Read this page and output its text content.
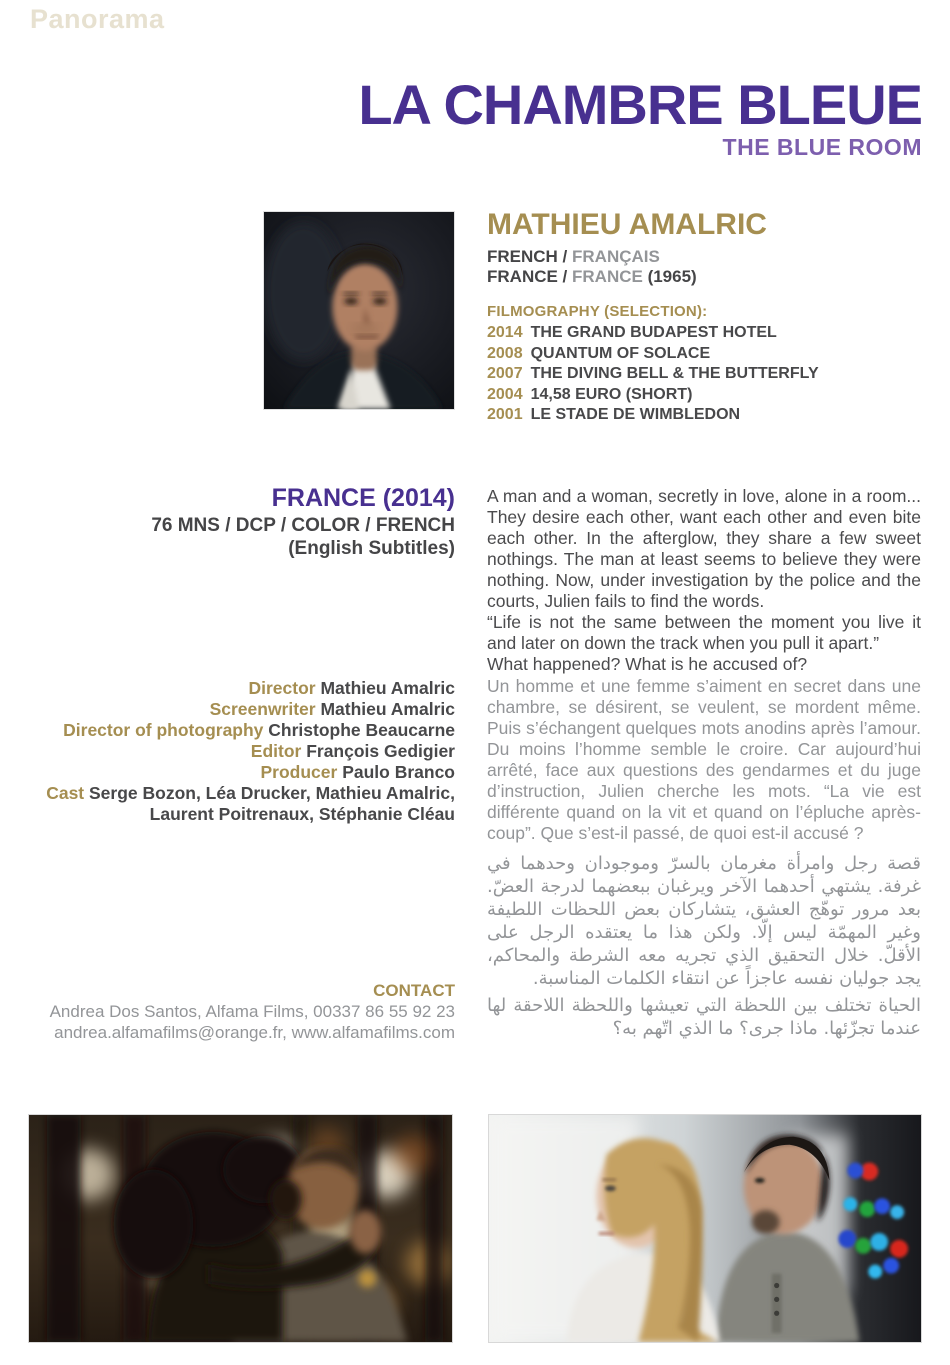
Panorama
LA CHAMBRE BLEUE
THE BLUE ROOM
MATHIEU AMALRIC
FRENCH / FRANÇAIS
FRANCE / FRANCE (1965)
FILMOGRAPHY (SELECTION):
2014 THE GRAND BUDAPEST HOTEL
2008 QUANTUM OF SOLACE
2007 THE DIVING BELL & THE BUTTERFLY
2004 14,58 EURO (SHORT)
2001 LE STADE DE WIMBLEDON
FRANCE (2014)
76 MNS / DCP / COLOR / FRENCH
(English Subtitles)
Director Mathieu Amalric
Screenwriter Mathieu Amalric
Director of photography Christophe Beaucarne
Editor François Gedigier
Producer Paulo Branco
Cast Serge Bozon, Léa Drucker, Mathieu Amalric, Laurent Poitrenaux, Stéphanie Cléau
CONTACT
Andrea Dos Santos, Alfama Films, 00337 86 55 92 23
andrea.alfamafilms@orange.fr, www.alfamafilms.com
A man and a woman, secretly in love, alone in a room... They desire each other, want each other and even bite each other. In the afterglow, they share a few sweet nothings. The man at least seems to believe they were nothing. Now, under investigation by the police and the courts, Julien fails to find the words.
“Life is not the same between the moment you live it and later on down the track when you pull it apart.”
What happened? What is he accused of?
Un homme et une femme s’aiment en secret dans une chambre, se désirent, se veulent, se mordent même. Puis s’échangent quelques mots anodins après l’amour. Du moins l’homme semble le croire. Car aujourd’hui arrêté, face aux questions des gendarmes et du juge d’instruction, Julien cherche les mots. “La vie est différente quand on la vit et quand on l’épluche après-coup”. Que s’est-il passé, de quoi est-il accusé ?
قصة رجل وامرأة مغرمان بالسرّ وموجودان وحدهما في غرفة. يشتهي أحدهما الآخر ويرغبان ببعضهما لدرجة العضّ. بعد مرور توهّج العشق، يتشاركان بعض اللحظات اللطيفة وغير المهمّة ليس إلّا. ولكن هذا ما يعتقده الرجل على الأقلّ. خلال التحقيق الذي تجريه معه الشرطة والمحاكم، يجد جوليان نفسه عاجزاً عن انتقاء الكلمات المناسبة.
الحياة تختلف بين اللحظة التي تعيشها واللحظة اللاحقة لها عندما تجزّئها. ماذا جرى؟ ما الذي اتّهم به؟
